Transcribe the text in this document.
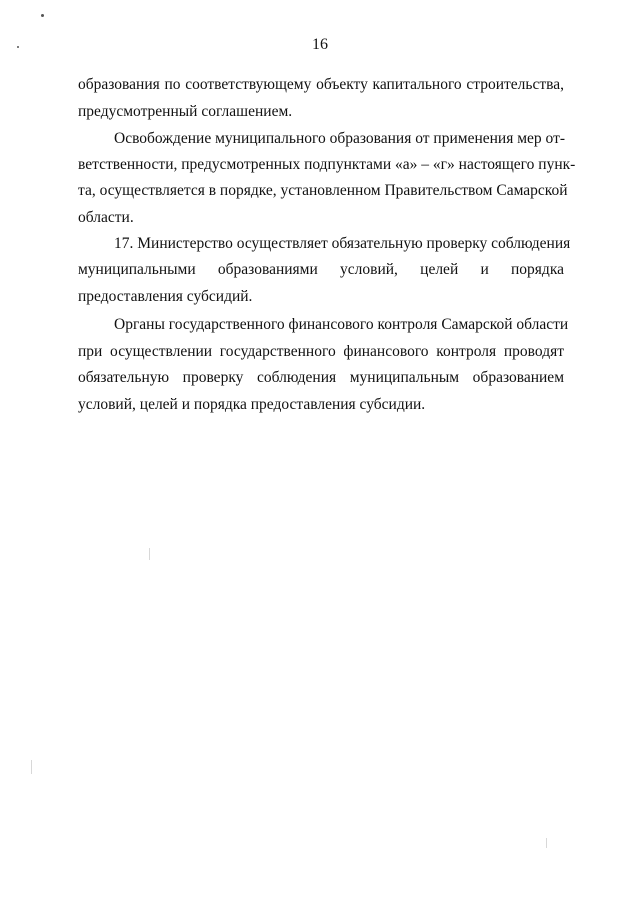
16
образования по соответствующему объекту капитального строительства,
предусмотренный соглашением.
Освобождение муниципального образования от применения мер от-
ветственности, предусмотренных подпунктами «а» – «г» настоящего пунк-
та, осуществляется в порядке, установленном Правительством Самарской
области.
17. Министерство осуществляет обязательную проверку соблюдения
муниципальными образованиями условий, целей и порядка
предоставления субсидий.
Органы государственного финансового контроля Самарской области
при осуществлении государственного финансового контроля проводят
обязательную проверку соблюдения муниципальным образованием
условий, целей и порядка предоставления субсидии.
